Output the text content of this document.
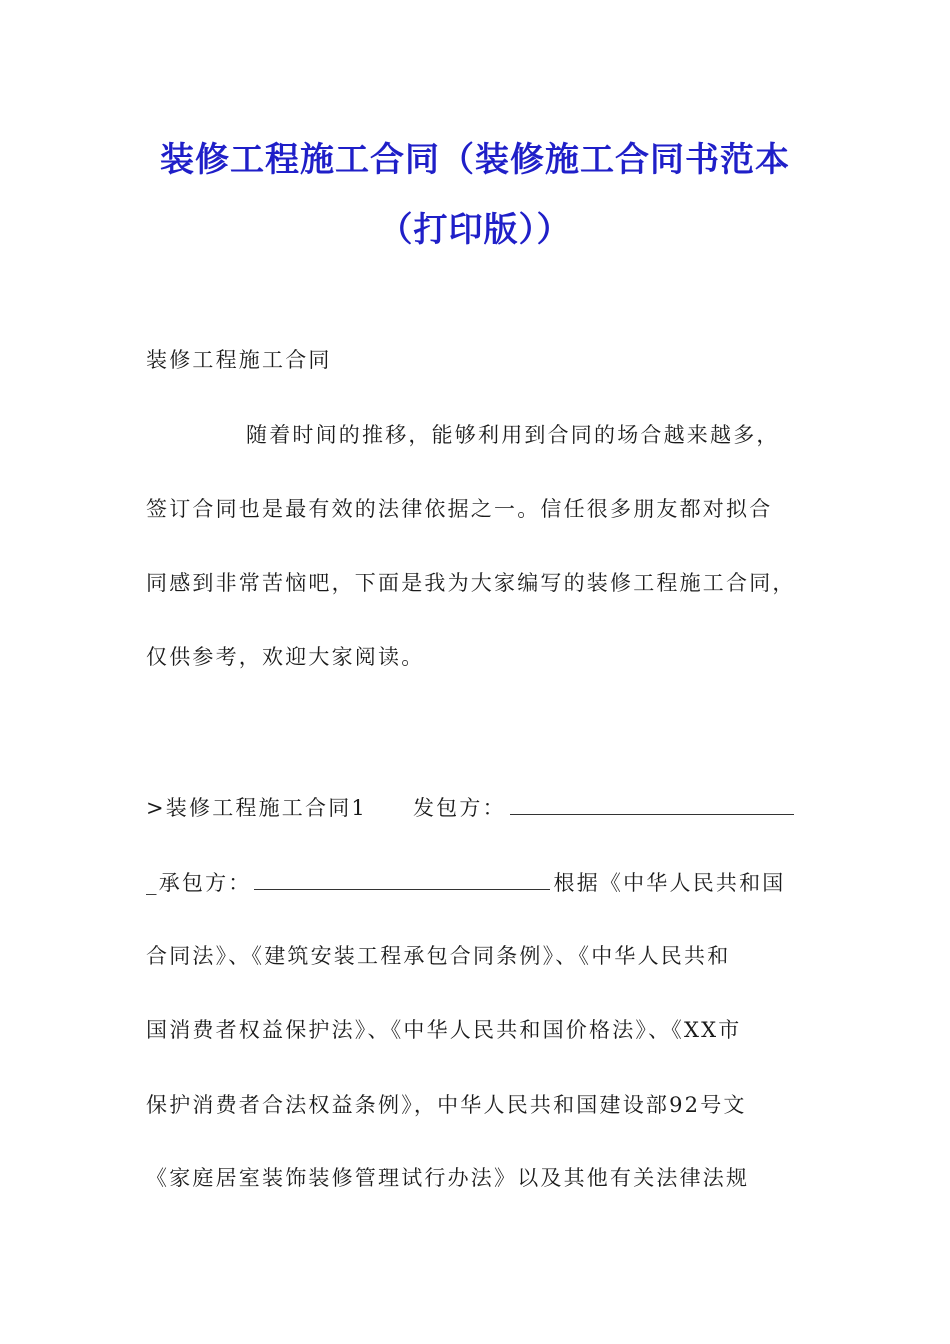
装修工程施工合同（装修施工合同书范本
（打印版））
装修工程施工合同
随着时间的推移，能够利用到合同的场合越来越多，
签订合同也是最有效的法律依据之一。信任很多朋友都对拟合
同感到非常苦恼吧，下面是我为大家编写的装修工程施工合同，
仅供参考，欢迎大家阅读。
>装修工程施工合同1 发包方：
_承包方：	根据《中华人民共和国
合同法》、《建筑安装工程承包合同条例》、《中华人民共和
国消费者权益保护法》、《中华人民共和国价格法》、《XX市
保护消费者合法权益条例》，中华人民共和国建设部92号文
《家庭居室装饰装修管理试行办法》以及其他有关法律法规
